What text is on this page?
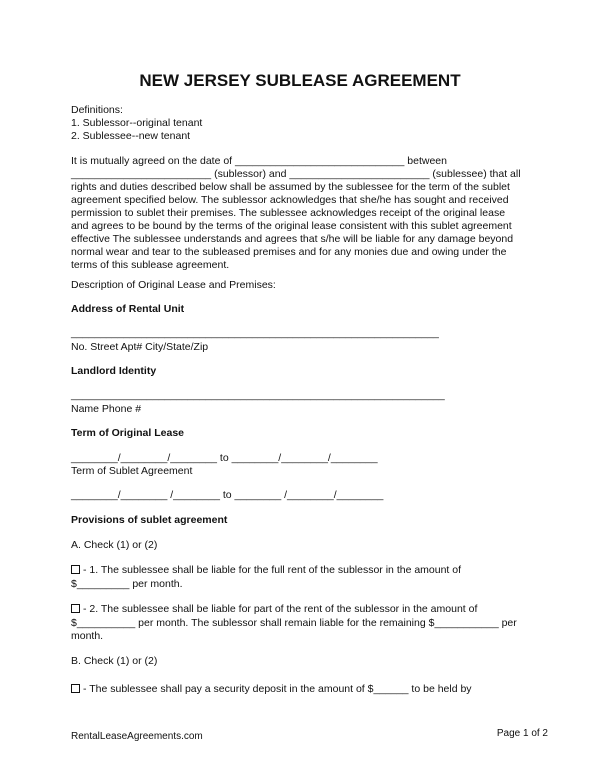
NEW JERSEY SUBLEASE AGREEMENT
Definitions:
1. Sublessor--original tenant
2. Sublessee--new tenant
It is mutually agreed on the date of _____________________________ between
________________________ (sublessor) and ________________________ (sublessee) that all
rights and duties described below shall be assumed by the sublessee for the term of the sublet
agreement specified below. The sublessor acknowledges that she/he has sought and received
permission to sublet their premises. The sublessee acknowledges receipt of the original lease
and agrees to be bound by the terms of the original lease consistent with this sublet agreement
effective The sublessee understands and agrees that s/he will be liable for any damage beyond
normal wear and tear to the subleased premises and for any monies due and owing under the
terms of this sublease agreement.
Description of Original Lease and Premises:
Address of Rental Unit
_______________________________________________________________
No. Street Apt# City/State/Zip
Landlord Identity
________________________________________________________________
Name Phone #
Term of Original Lease
________/________/________ to ________/________/________
Term of Sublet Agreement
________/________ /________ to ________ /________/________
Provisions of sublet agreement
A. Check (1) or (2)
- 1. The sublessee shall be liable for the full rent of the sublessor in the amount of
$_________ per month.
- 2. The sublessee shall be liable for part of the rent of the sublessor in the amount of
$__________ per month. The sublessor shall remain liable for the remaining $___________ per
month.
B. Check (1) or (2)
- The sublessee shall pay a security deposit in the amount of $______ to be held by
RentalLeaseAgreements.com	Page 1 of 2
